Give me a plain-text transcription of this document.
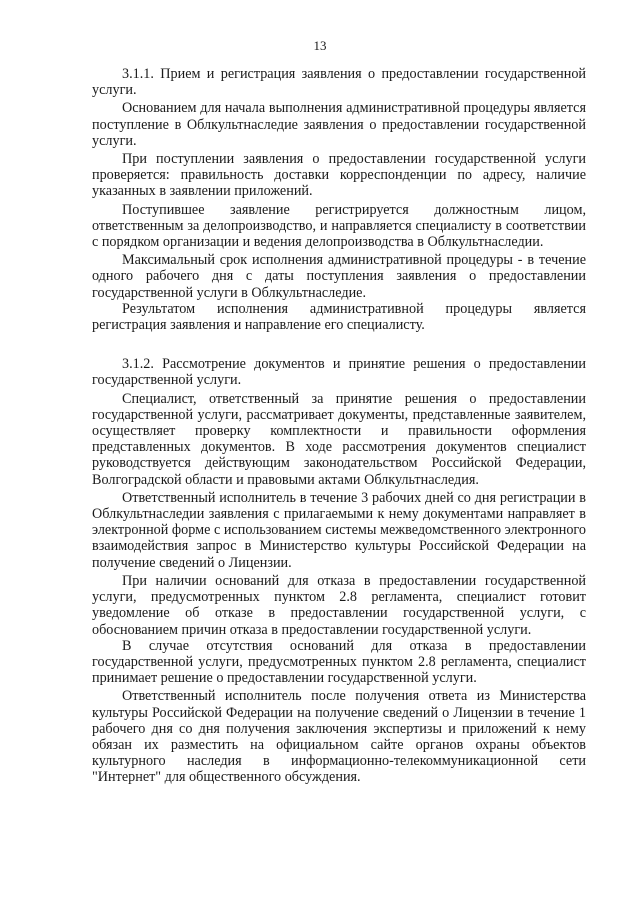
13

3.1.1. Прием и регистрация заявления о предоставлении государственной услуги.

Основанием для начала выполнения административной процедуры является поступление в Облкультнаследие заявления о предоставлении государственной услуги.

При поступлении заявления о предоставлении государственной услуги проверяется: правильность доставки корреспонденции по адресу, наличие указанных в заявлении приложений.

Поступившее заявление регистрируется должностным лицом, ответственным за делопроизводство, и направляется специалисту в соответствии с порядком организации и ведения делопроизводства в Облкультнаследии.

Максимальный срок исполнения административной процедуры - в течение одного рабочего дня с даты поступления заявления о предоставлении государственной услуги в Облкультнаследие.

Результатом исполнения административной процедуры является регистрация заявления и направление его специалисту.

3.1.2. Рассмотрение документов и принятие решения о предоставлении государственной услуги.

Специалист, ответственный за принятие решения о предоставлении государственной услуги, рассматривает документы, представленные заявителем, осуществляет проверку комплектности и правильности оформления представленных документов. В ходе рассмотрения документов специалист руководствуется действующим законодательством Российской Федерации, Волгоградской области и правовыми актами Облкультнаследия.

Ответственный исполнитель в течение 3 рабочих дней со дня регистрации в Облкультнаследии заявления с прилагаемыми к нему документами направляет в электронной форме с использованием системы межведомственного электронного взаимодействия запрос в Министерство культуры Российской Федерации на получение сведений о Лицензии.

При наличии оснований для отказа в предоставлении государственной услуги, предусмотренных пунктом 2.8 регламента, специалист готовит уведомление об отказе в предоставлении государственной услуги, с обоснованием причин отказа в предоставлении государственной услуги.

В случае отсутствия оснований для отказа в предоставлении государственной услуги, предусмотренных пунктом 2.8 регламента, специалист принимает решение о предоставлении государственной услуги.

Ответственный исполнитель после получения ответа из Министерства культуры Российской Федерации на получение сведений о Лицензии в течение 1 рабочего дня со дня получения заключения экспертизы и приложений к нему обязан их разместить на официальном сайте органов охраны объектов культурного наследия в информационно-телекоммуникационной сети "Интернет" для общественного обсуждения.
